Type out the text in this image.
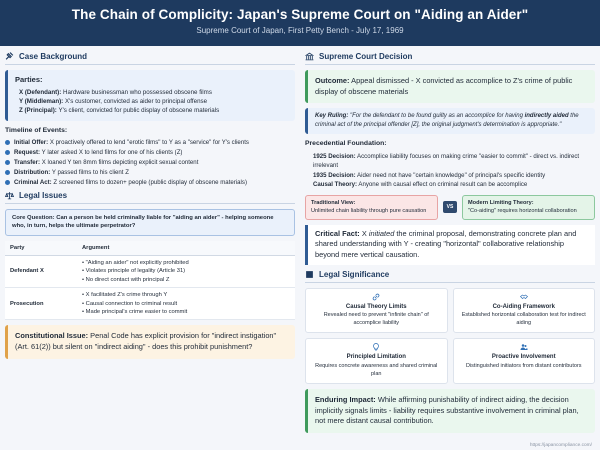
The Chain of Complicity: Japan's Supreme Court on "Aiding an Aider"
Supreme Court of Japan, First Petty Bench - July 17, 1969
Case Background
Parties:
X (Defendant): Hardware businessman who possessed obscene films
Y (Middleman): X's customer, convicted as aider to principal offense
Z (Principal): Y's client, convicted for public display of obscene materials
Timeline of Events:
Initial Offer: X proactively offered to lend "erotic films" to Y as a "service" for Y's clients
Request: Y later asked X to lend films for one of his clients (Z)
Transfer: X loaned Y ten 8mm films depicting explicit sexual content
Distribution: Y passed films to his client Z
Criminal Act: Z screened films to dozen+ people (public display of obscene materials)
Legal Issues
Core Question: Can a person be held criminally liable for "aiding an aider" - helping someone who, in turn, helps the ultimate perpetrator?
Party	Argument
Defendant X	• "Aiding an aider" not explicitly prohibited
• Violates principle of legality (Article 31)
• No direct contact with principal Z

Prosecution	• X facilitated Z's crime through Y
• Causal connection to criminal result
• Made principal's crime easier to commit
Constitutional Issue: Penal Code has explicit provision for "indirect instigation" (Art. 61(2)) but silent on "indirect aiding" - does this prohibit punishment?
Supreme Court Decision
Outcome: Appeal dismissed - X convicted as accomplice to Z's crime of public display of obscene materials
Key Ruling: "For the defendant to be found guilty as an accomplice for having indirectly aided the criminal act of the principal offender [Z], the original judgment's determination is appropriate."
Precedential Foundation:
1925 Decision: Accomplice liability focuses on making crime "easier to commit" - direct vs. indirect irrelevant
1935 Decision: Aider need not have "certain knowledge" of principal's specific identity
Causal Theory: Anyone with causal effect on criminal result can be accomplice
Traditional View:
Unlimited chain liability through pure causation
VS
Modern Limiting Theory:
"Co-aiding" requires horizontal collaboration
Critical Fact: X initiated the criminal proposal, demonstrating concrete plan and shared understanding with Y - creating "horizontal" collaborative relationship beyond mere vertical causation.
Legal Significance
Causal Theory Limits
Revealed need to prevent "infinite chain" of accomplice liability
Co-Aiding Framework
Established horizontal collaboration test for indirect aiding
Principled Limitation
Requires concrete awareness and shared criminal plan
Proactive Involvement
Distinguished initiators from distant contributors
Enduring Impact: While affirming punishability of indirect aiding, the decision implicitly signals limits - liability requires substantive involvement in criminal plan, not mere distant causal contribution.
https://japancompliance.com/
